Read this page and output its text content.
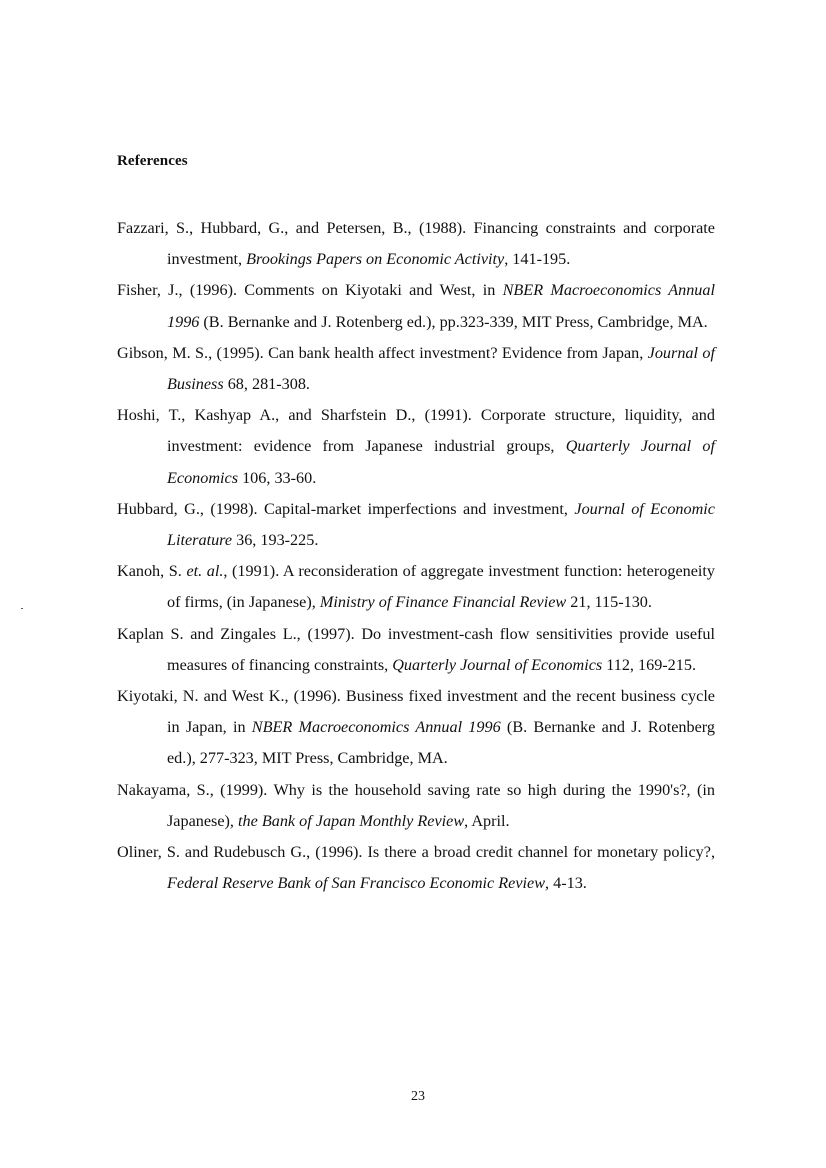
References
Fazzari, S., Hubbard, G., and Petersen, B., (1988). Financing constraints and corporate investment, Brookings Papers on Economic Activity, 141-195.
Fisher, J., (1996). Comments on Kiyotaki and West, in NBER Macroeconomics Annual 1996 (B. Bernanke and J. Rotenberg ed.), pp.323-339, MIT Press, Cambridge, MA.
Gibson, M. S., (1995). Can bank health affect investment? Evidence from Japan, Journal of Business 68, 281-308.
Hoshi, T., Kashyap A., and Sharfstein D., (1991). Corporate structure, liquidity, and investment: evidence from Japanese industrial groups, Quarterly Journal of Economics 106, 33-60.
Hubbard, G., (1998). Capital-market imperfections and investment, Journal of Economic Literature 36, 193-225.
Kanoh, S. et. al., (1991). A reconsideration of aggregate investment function: heterogeneity of firms, (in Japanese), Ministry of Finance Financial Review 21, 115-130.
Kaplan S. and Zingales L., (1997). Do investment-cash flow sensitivities provide useful measures of financing constraints, Quarterly Journal of Economics 112, 169-215.
Kiyotaki, N. and West K., (1996). Business fixed investment and the recent business cycle in Japan, in NBER Macroeconomics Annual 1996 (B. Bernanke and J. Rotenberg ed.), 277-323, MIT Press, Cambridge, MA.
Nakayama, S., (1999). Why is the household saving rate so high during the 1990's?, (in Japanese), the Bank of Japan Monthly Review, April.
Oliner, S. and Rudebusch G., (1996). Is there a broad credit channel for monetary policy?, Federal Reserve Bank of San Francisco Economic Review, 4-13.
23
